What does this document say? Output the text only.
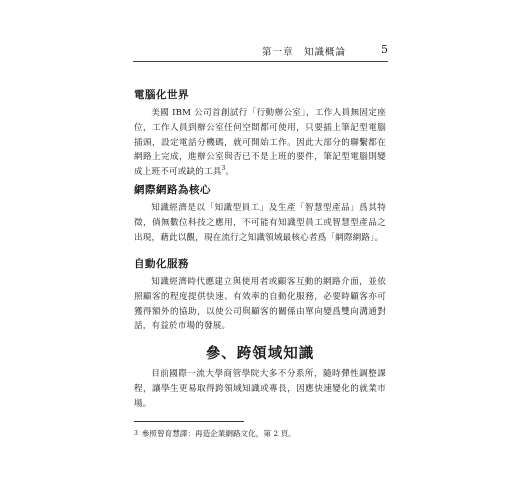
第一章　知識概論	5
電腦化世界
美國 IBM 公司首創試行「行動辦公室」，工作人員無固定座位，工作人員到辦公室任何空間都可使用，只要插上筆記型電腦插頭，設定電話分機碼，就可開始工作。因此大部分的聯繫都在網路上完成，進辦公室與否已不是上班的要件，筆記型電腦則變成上班不可或缺的工具$^3$。
網際網路為核心
知識經濟是以「知識型員工」及生產「智慧型產品」爲其特徵，倘無數位科技之應用，不可能有知識型員工或智慧型產品之出現，藉此以觀，現在流行之知識領域最核心者爲「網際網路」。
自動化服務
知識經濟時代應建立與使用者或顧客互動的網路介面，並依照顧客的程度提供快速、有效率的自動化服務，必要時顧客亦可獲得額外的協助，以使公司與顧客的關係由單向變爲雙向溝通對話，有益於市場的發展。
參、跨領域知識
目前國際一流大學商管學院大多不分系所，隨時彈性調整課程，讓學生更易取得跨領域知識或專長，因應快速變化的就業市場。
$^3$ 參照曾育慧譯：再造企業網路文化，第 2 頁。
